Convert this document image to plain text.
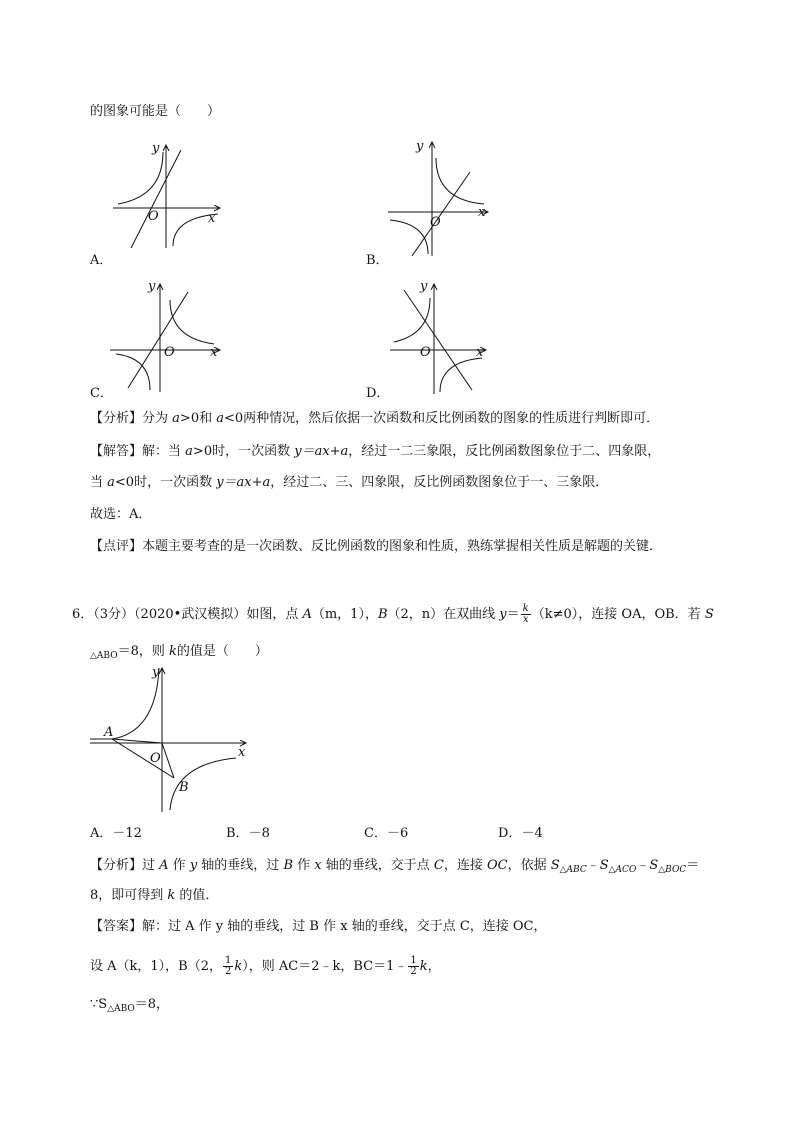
的图象可能是（　　）
O	x
y
A．
O
x
y
B．
O	x
y
C．
O	x
y
D．
【分析】分为 a>0和 a<0两种情况，然后依据一次函数和反比例函数的图象的性质进行判断即可．
【解答】解：当 a>0时，一次函数 y＝ax+a，经过一二三象限，反比例函数图象位于二、四象限，
当 a<0时，一次函数 y＝ax+a，经过二、三、四象限，反比例函数图象位于一、三象限．
故选：A．
【点评】本题主要考查的是一次函数、反比例函数的图象和性质，熟练掌握相关性质是解题的关键．
6．（3分）（2020•武汉模拟）如图，点 A（m，1），B（2，n）在双曲线 $y= \frac{k}{x} (k\ne 0)$，连接 OA，OB．若 S
$_{\triangle ABO}$＝8，则 k的值是（　　）
A
B
O	x
y
A．－12	B．－8	C．－6	D．－4
【分析】过 A 作 y 轴的垂线，过 B 作 x 轴的垂线，交于点 C，连接 OC，依据 $S_{\triangle ABC}﹣S_{\triangle ACO}﹣S_{\triangle BOC}=$
8，即可得到 k 的值．
【答案】解：过 A 作 y 轴的垂线，过 B 作 x 轴的垂线，交于点 C，连接 OC，
设 A（k，1），B（2， $\frac{1}{2} k$），则 AC＝2﹣k，BC＝1﹣ $\frac{1}{2}$ k，
$\because S_{\triangle ABO}=8$，
